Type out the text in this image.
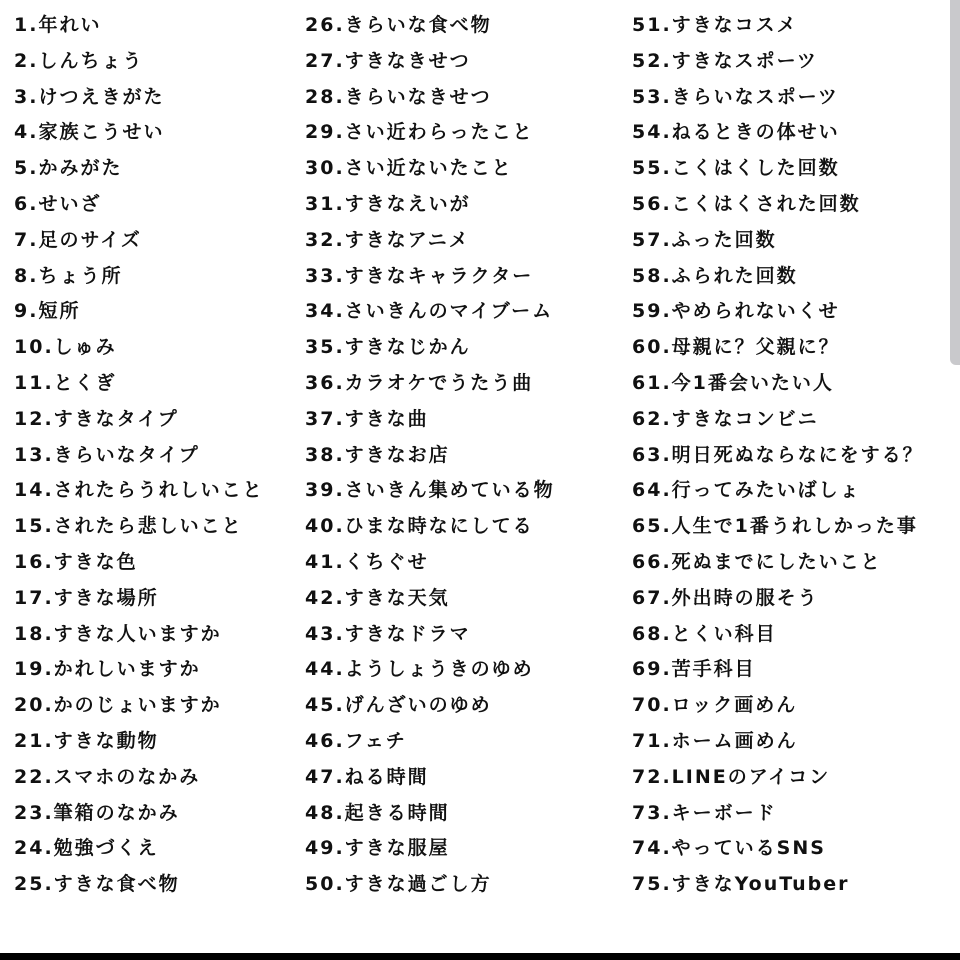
1.年れい
2.しんちょう
3.けつえきがた
4.家族こうせい
5.かみがた
6.せいざ
7.足のサイズ
8.ちょう所
9.短所
10.しゅみ
11.とくぎ
12.すきなタイプ
13.きらいなタイプ
14.されたらうれしいこと
15.されたら悲しいこと
16.すきな色
17.すきな場所
18.すきな人いますか
19.かれしいますか
20.かのじょいますか
21.すきな動物
22.スマホのなかみ
23.筆箱のなかみ
24.勉強づくえ
25.すきな食べ物
26.きらいな食べ物
27.すきなきせつ
28.きらいなきせつ
29.さい近わらったこと
30.さい近ないたこと
31.すきなえいが
32.すきなアニメ
33.すきなキャラクター
34.さいきんのマイブーム
35.すきなじかん
36.カラオケでうたう曲
37.すきな曲
38.すきなお店
39.さいきん集めている物
40.ひまな時なにしてる
41.くちぐせ
42.すきな天気
43.すきなドラマ
44.ようしょうきのゆめ
45.げんざいのゆめ
46.フェチ
47.ねる時間
48.起きる時間
49.すきな服屋
50.すきな過ごし方
51.すきなコスメ
52.すきなスポーツ
53.きらいなスポーツ
54.ねるときの体せい
55.こくはくした回数
56.こくはくされた回数
57.ふった回数
58.ふられた回数
59.やめられないくせ
60.母親に？父親に？
61.今1番会いたい人
62.すきなコンビニ
63.明日死ぬならなにをする？
64.行ってみたいばしょ
65.人生で1番うれしかった事
66.死ぬまでにしたいこと
67.外出時の服そう
68.とくい科目
69.苦手科目
70.ロック画めん
71.ホーム画めん
72.LINEのアイコン
73.キーボード
74.やっているSNS
75.すきなYouTuber
